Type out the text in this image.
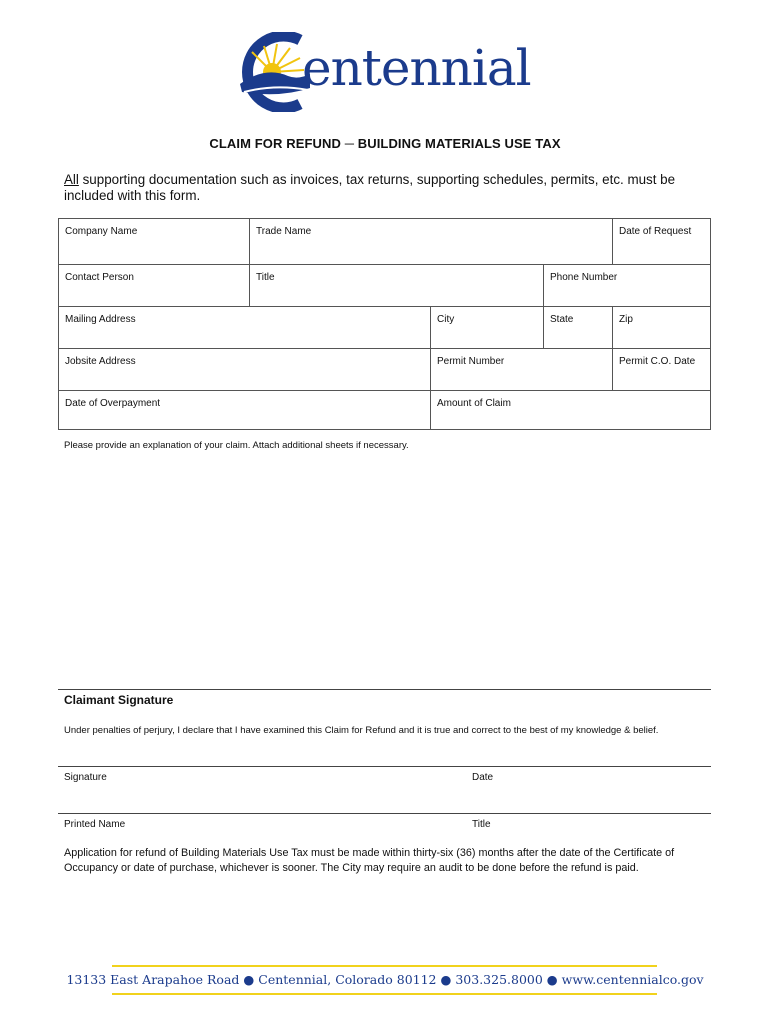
entennial
CLAIM FOR REFUND ─ BUILDING MATERIALS USE TAX
All supporting documentation such as invoices, tax returns, supporting schedules, permits, etc. must be included with this form.
Company Name	Trade Name	Date of Request
Contact Person	Title	Phone Number
Mailing Address	City	State	Zip
Jobsite Address	Permit Number	Permit C.O. Date
Date of Overpayment	Amount of Claim
Please provide an explanation of your claim. Attach additional sheets if necessary.
Claimant Signature
Under penalties of perjury, I declare that I have examined this Claim for Refund and it is true and correct to the best of my knowledge & belief.
Signature	Date
Printed Name	Title
Application for refund of Building Materials Use Tax must be made within thirty-six (36) months after the date of the Certificate of Occupancy or date of purchase, whichever is sooner. The City may require an audit to be done before the refund is paid.
13133 East Arapahoe Road ● Centennial, Colorado 80112 ● 303.325.8000 ● www.centennialco.gov
